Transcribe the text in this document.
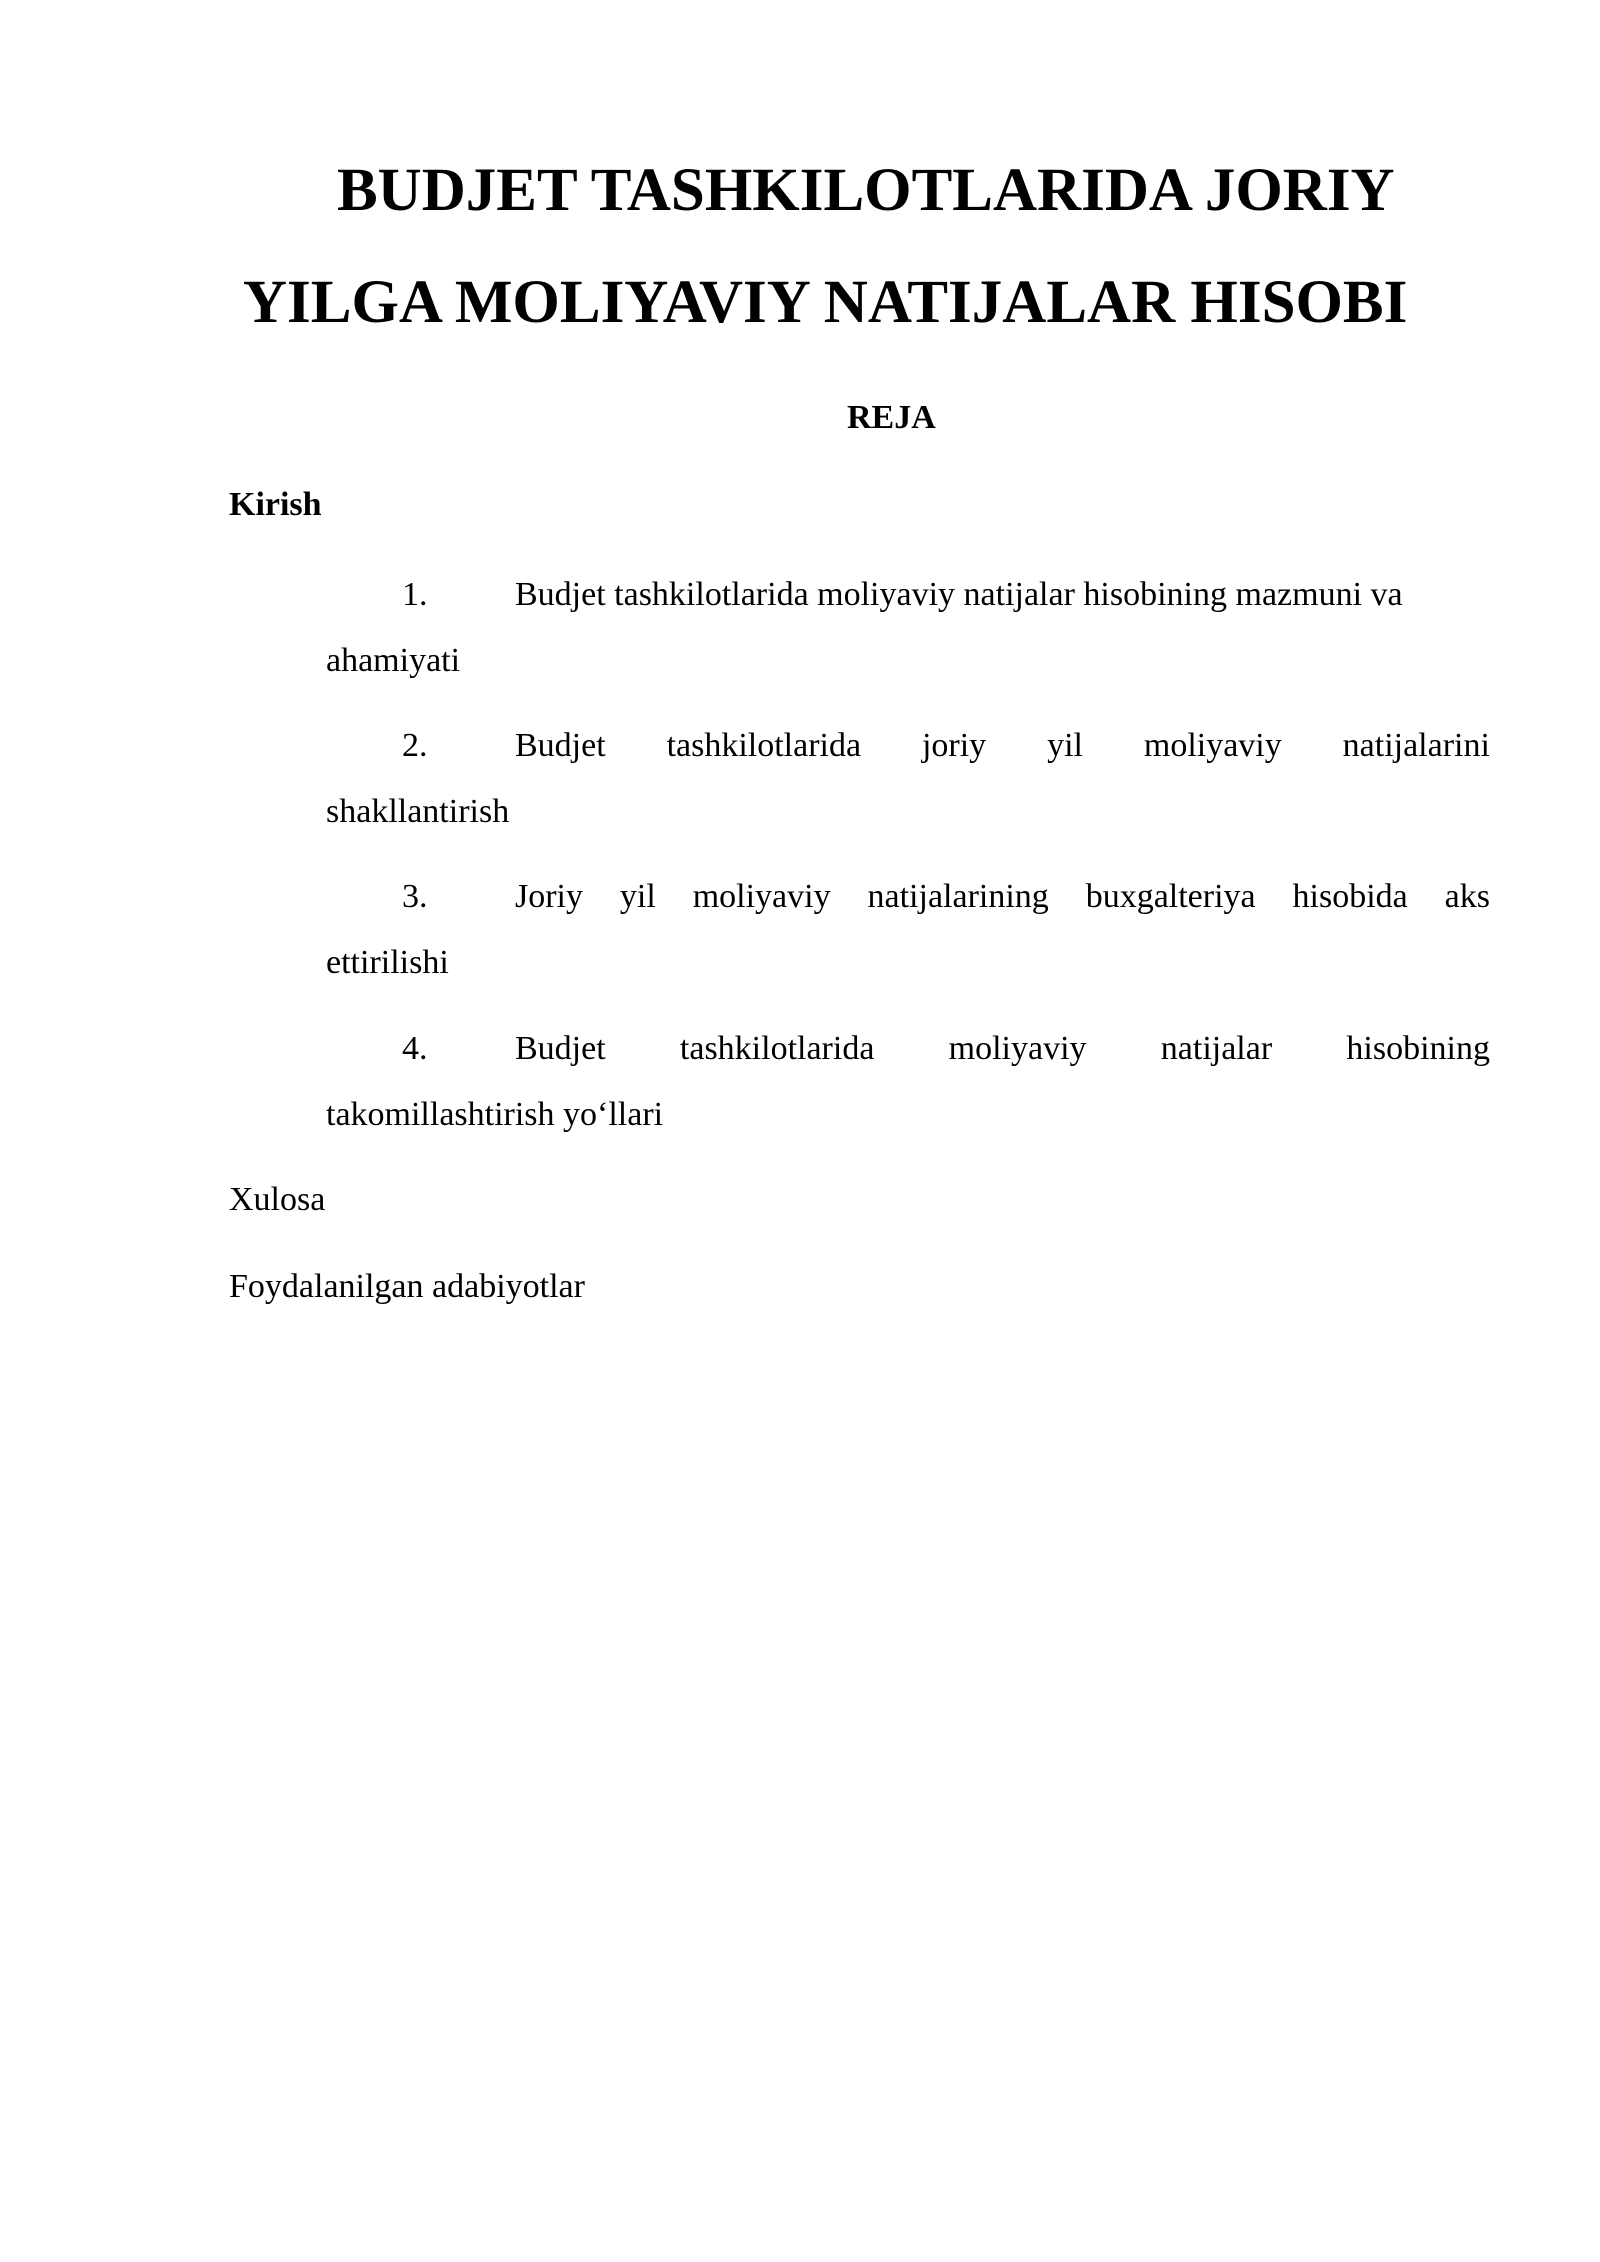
BUDJET TASHKILOTLARIDA JORIY
YILGA MOLIYAVIY NATIJALAR HISOBI
REJA
Kirish
1.	Budjet tashkilotlarida moliyaviy natijalar hisobining mazmuni va
ahamiyati
2.	Budjet tashkilotlarida joriy yil moliyaviy natijalarini
shakllantirish
3.	Joriy yil moliyaviy natijalarining buxgalteriya hisobida aks
ettirilishi
4.	Budjet tashkilotlarida moliyaviy natijalar hisobining
takomillashtirish yo‘llari
Xulosa
Foydalanilgan adabiyotlar
